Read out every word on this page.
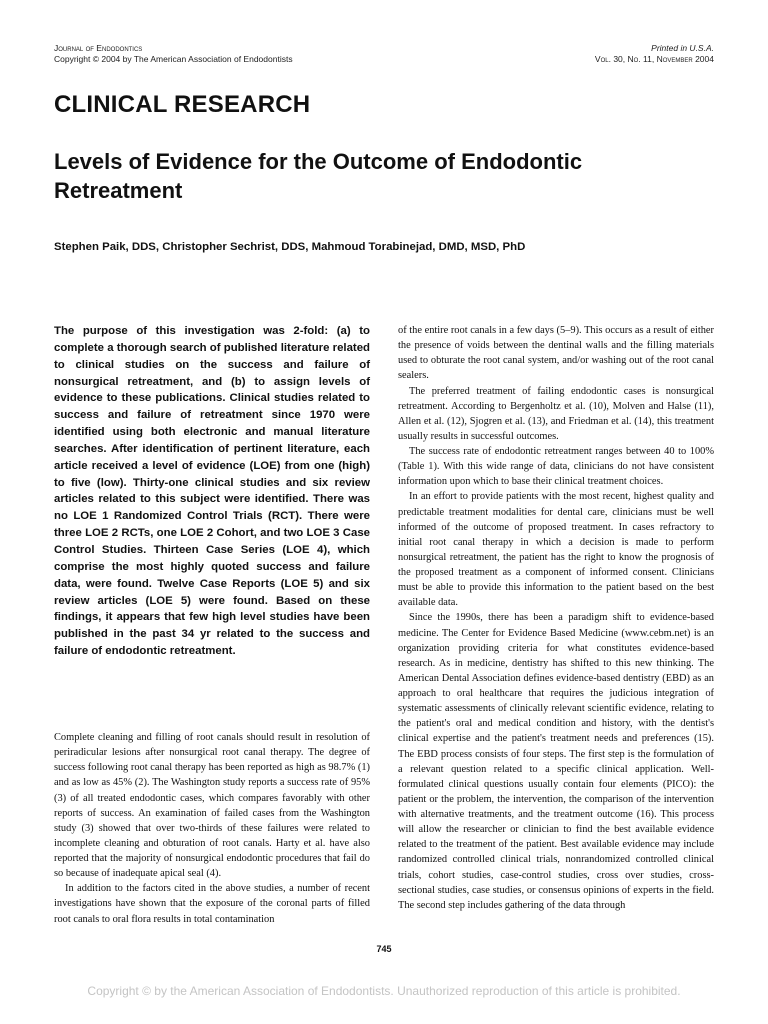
Journal of Endodontics
Copyright © 2004 by The American Association of Endodontists
Printed in U.S.A.
Vol. 30, No. 11, November 2004
CLINICAL RESEARCH
Levels of Evidence for the Outcome of Endodontic Retreatment
Stephen Paik, DDS, Christopher Sechrist, DDS, Mahmoud Torabinejad, DMD, MSD, PhD

The purpose of this investigation was 2-fold: (a) to complete a thorough search of published literature related to clinical studies on the success and failure of nonsurgical retreatment, and (b) to assign levels of evidence to these publications. Clinical studies related to success and failure of retreatment since 1970 were identified using both electronic and manual literature searches. After identification of pertinent literature, each article received a level of evidence (LOE) from one (high) to five (low). Thirty-one clinical studies and six review articles related to this subject were identified. There was no LOE 1 Randomized Control Trials (RCT). There were three LOE 2 RCTs, one LOE 2 Cohort, and two LOE 3 Case Control Studies. Thirteen Case Series (LOE 4), which comprise the most highly quoted success and failure data, were found. Twelve Case Reports (LOE 5) and six review articles (LOE 5) were found. Based on these findings, it appears that few high level studies have been published in the past 34 yr related to the success and failure of endodontic retreatment.

Complete cleaning and filling of root canals should result in resolution of periradicular lesions after nonsurgical root canal therapy. The degree of success following root canal therapy has been reported as high as 98.7% (1) and as low as 45% (2). The Washington study reports a success rate of 95% (3) of all treated endodontic cases, which compares favorably with other reports of success. An examination of failed cases from the Washington study (3) showed that over two-thirds of these failures were related to incomplete cleaning and obturation of root canals. Harty et al. have also reported that the majority of nonsurgical endodontic procedures that fail do so because of inadequate apical seal (4).

In addition to the factors cited in the above studies, a number of recent investigations have shown that the exposure of the coronal parts of filled root canals to oral flora results in total contamination

of the entire root canals in a few days (5–9). This occurs as a result of either the presence of voids between the dentinal walls and the filling materials used to obturate the root canal system, and/or washing out of the root canal sealers.

The preferred treatment of failing endodontic cases is nonsurgical retreatment. According to Bergenholtz et al. (10), Molven and Halse (11), Allen et al. (12), Sjogren et al. (13), and Friedman et al. (14), this treatment usually results in successful outcomes.

The success rate of endodontic retreatment ranges between 40 to 100% (Table 1). With this wide range of data, clinicians do not have consistent information upon which to base their clinical treatment choices.

In an effort to provide patients with the most recent, highest quality and predictable treatment modalities for dental care, clinicians must be well informed of the outcome of proposed treatment. In cases refractory to initial root canal therapy in which a decision is made to perform nonsurgical retreatment, the patient has the right to know the prognosis of the proposed treatment as a component of informed consent. Clinicians must be able to provide this information to the patient based on the best available data.

Since the 1990s, there has been a paradigm shift to evidence-based medicine. The Center for Evidence Based Medicine (www.cebm.net) is an organization providing criteria for what constitutes evidence-based research. As in medicine, dentistry has shifted to this new thinking. The American Dental Association defines evidence-based dentistry (EBD) as an approach to oral healthcare that requires the judicious integration of systematic assessments of clinically relevant scientific evidence, relating to the patient's oral and medical condition and history, with the dentist's clinical expertise and the patient's treatment needs and preferences (15). The EBD process consists of four steps. The first step is the formulation of a relevant question related to a specific clinical application. Well-formulated clinical questions usually contain four elements (PICO): the patient or the problem, the intervention, the comparison of the intervention with alternative treatments, and the treatment outcome (16). This process will allow the researcher or clinician to find the best available evidence related to the treatment of the patient. Best available evidence may include randomized controlled clinical trials, nonrandomized controlled clinical trials, cohort studies, case-control studies, cross over studies, cross-sectional studies, case studies, or consensus opinions of experts in the field. The second step includes gathering of the data through

745
Copyright © by the American Association of Endodontists. Unauthorized reproduction of this article is prohibited.
